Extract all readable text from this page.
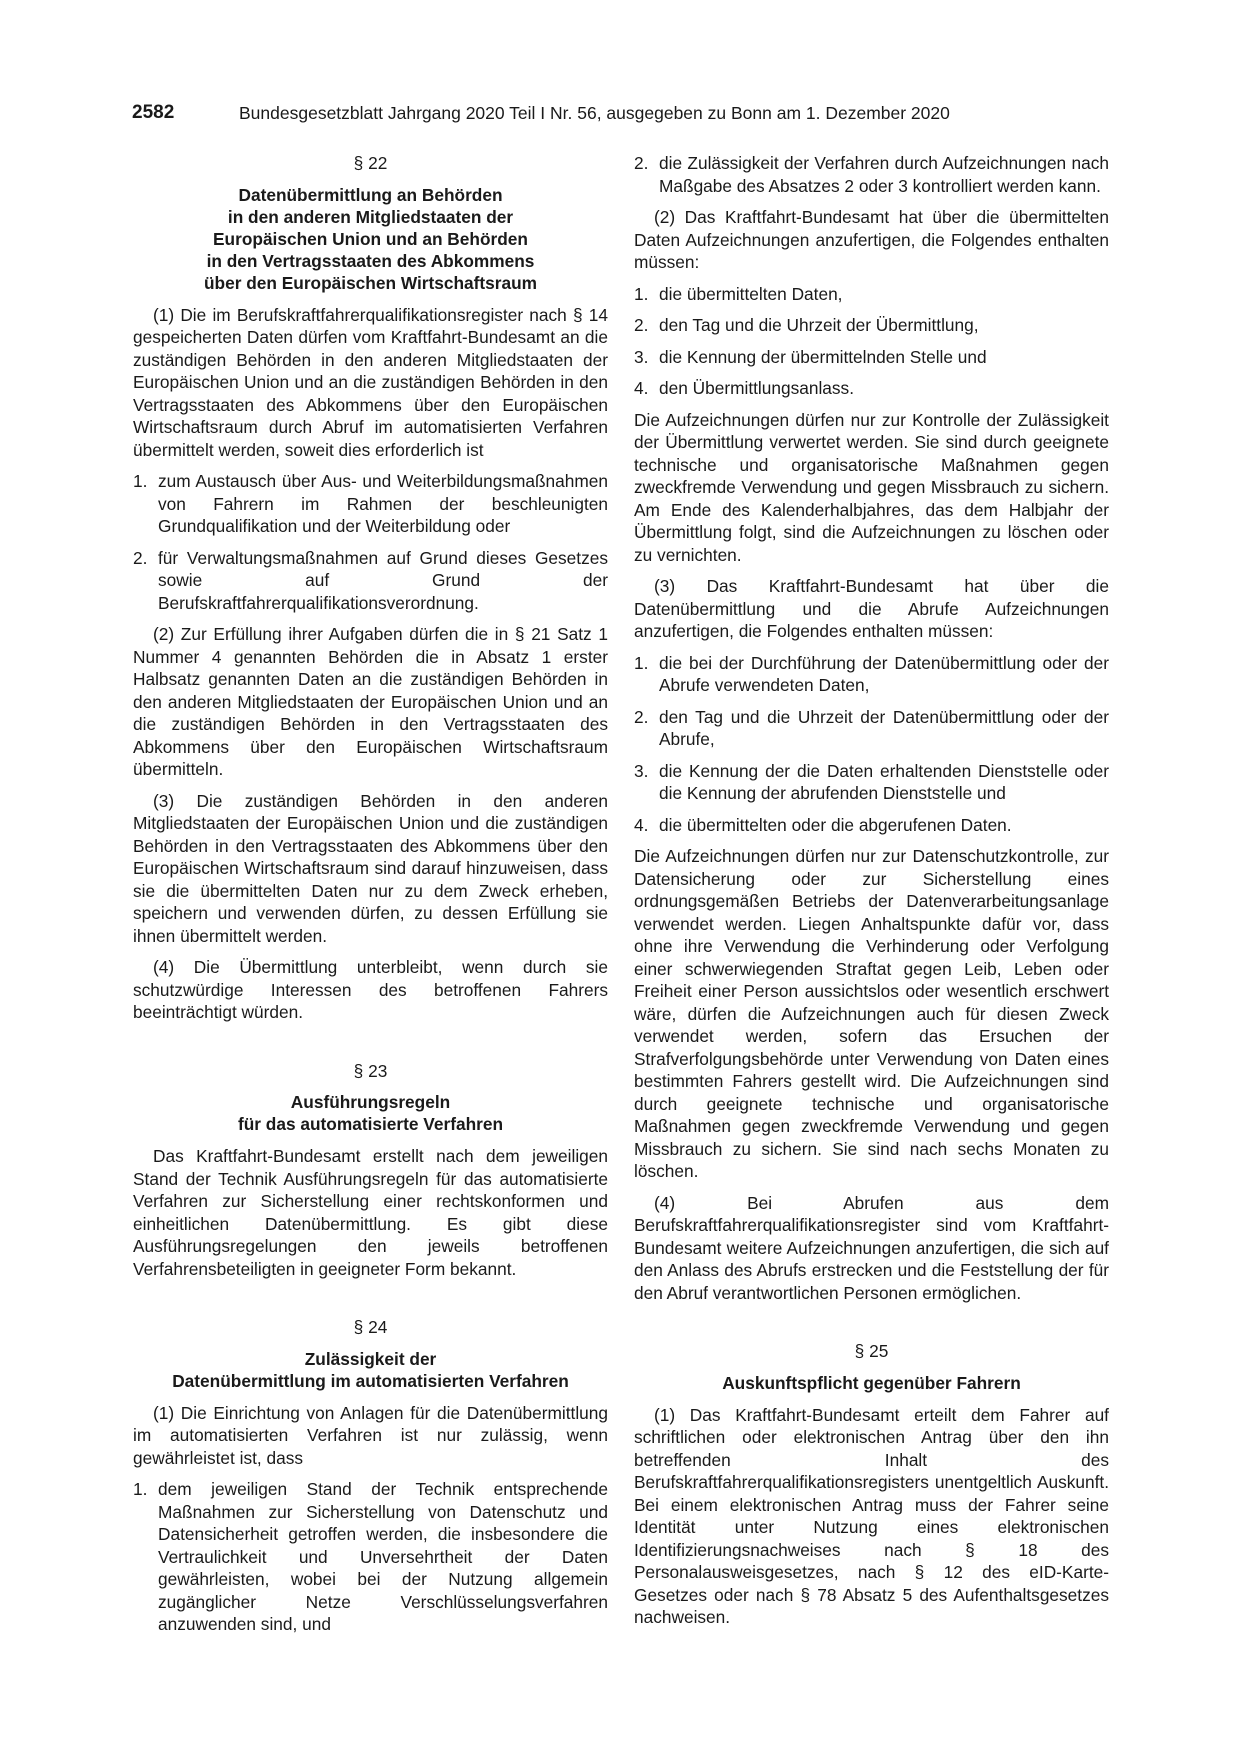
2582	Bundesgesetzblatt Jahrgang 2020 Teil I Nr. 56, ausgegeben zu Bonn am 1. Dezember 2020
§ 22
Datenübermittlung an Behörden
in den anderen Mitgliedstaaten der
Europäischen Union und an Behörden
in den Vertragsstaaten des Abkommens
über den Europäischen Wirtschaftsraum

(1) Die im Berufskraftfahrerqualifikationsregister nach § 14 gespeicherten Daten dürfen vom Kraftfahrt-Bundesamt an die zuständigen Behörden in den anderen Mitgliedstaaten der Europäischen Union und an die zuständigen Behörden in den Vertragsstaaten des Abkommens über den Europäischen Wirtschaftsraum durch Abruf im automatisierten Verfahren übermittelt werden, soweit dies erforderlich ist

1. zum Austausch über Aus- und Weiterbildungsmaßnahmen von Fahrern im Rahmen der beschleunigten Grundqualifikation und der Weiterbildung oder
2. für Verwaltungsmaßnahmen auf Grund dieses Gesetzes sowie auf Grund der Berufskraftfahrerqualifikationsverordnung.

(2) Zur Erfüllung ihrer Aufgaben dürfen die in § 21 Satz 1 Nummer 4 genannten Behörden die in Absatz 1 erster Halbsatz genannten Daten an die zuständigen Behörden in den anderen Mitgliedstaaten der Europäischen Union und an die zuständigen Behörden in den Vertragsstaaten des Abkommens über den Europäischen Wirtschaftsraum übermitteln.

(3) Die zuständigen Behörden in den anderen Mitgliedstaaten der Europäischen Union und die zuständigen Behörden in den Vertragsstaaten des Abkommens über den Europäischen Wirtschaftsraum sind darauf hinzuweisen, dass sie die übermittelten Daten nur zu dem Zweck erheben, speichern und verwenden dürfen, zu dessen Erfüllung sie ihnen übermittelt werden.

(4) Die Übermittlung unterbleibt, wenn durch sie schutzwürdige Interessen des betroffenen Fahrers beeinträchtigt würden.

§ 23
Ausführungsregeln
für das automatisierte Verfahren

Das Kraftfahrt-Bundesamt erstellt nach dem jeweiligen Stand der Technik Ausführungsregeln für das automatisierte Verfahren zur Sicherstellung einer rechtskonformen und einheitlichen Datenübermittlung. Es gibt diese Ausführungsregelungen den jeweils betroffenen Verfahrensbeteiligten in geeigneter Form bekannt.

§ 24
Zulässigkeit der
Datenübermittlung im automatisierten Verfahren

(1) Die Einrichtung von Anlagen für die Datenübermittlung im automatisierten Verfahren ist nur zulässig, wenn gewährleistet ist, dass

1. dem jeweiligen Stand der Technik entsprechende Maßnahmen zur Sicherstellung von Datenschutz und Datensicherheit getroffen werden, die insbesondere die Vertraulichkeit und Unversehrtheit der Daten gewährleisten, wobei bei der Nutzung allgemein zugänglicher Netze Verschlüsselungsverfahren anzuwenden sind, und
2. die Zulässigkeit der Verfahren durch Aufzeichnungen nach Maßgabe des Absatzes 2 oder 3 kontrolliert werden kann.

(2) Das Kraftfahrt-Bundesamt hat über die übermittelten Daten Aufzeichnungen anzufertigen, die Folgendes enthalten müssen:

1. die übermittelten Daten,
2. den Tag und die Uhrzeit der Übermittlung,
3. die Kennung der übermittelnden Stelle und
4. den Übermittlungsanlass.

Die Aufzeichnungen dürfen nur zur Kontrolle der Zulässigkeit der Übermittlung verwertet werden. Sie sind durch geeignete technische und organisatorische Maßnahmen gegen zweckfremde Verwendung und gegen Missbrauch zu sichern. Am Ende des Kalenderhalbjahres, das dem Halbjahr der Übermittlung folgt, sind die Aufzeichnungen zu löschen oder zu vernichten.

(3) Das Kraftfahrt-Bundesamt hat über die Datenübermittlung und die Abrufe Aufzeichnungen anzufertigen, die Folgendes enthalten müssen:

1. die bei der Durchführung der Datenübermittlung oder der Abrufe verwendeten Daten,
2. den Tag und die Uhrzeit der Datenübermittlung oder der Abrufe,
3. die Kennung der die Daten erhaltenden Dienststelle oder die Kennung der abrufenden Dienststelle und
4. die übermittelten oder die abgerufenen Daten.

Die Aufzeichnungen dürfen nur zur Datenschutzkontrolle, zur Datensicherung oder zur Sicherstellung eines ordnungsgemäßen Betriebs der Datenverarbeitungsanlage verwendet werden. Liegen Anhaltspunkte dafür vor, dass ohne ihre Verwendung die Verhinderung oder Verfolgung einer schwerwiegenden Straftat gegen Leib, Leben oder Freiheit einer Person aussichtslos oder wesentlich erschwert wäre, dürfen die Aufzeichnungen auch für diesen Zweck verwendet werden, sofern das Ersuchen der Strafverfolgungsbehörde unter Verwendung von Daten eines bestimmten Fahrers gestellt wird. Die Aufzeichnungen sind durch geeignete technische und organisatorische Maßnahmen gegen zweckfremde Verwendung und gegen Missbrauch zu sichern. Sie sind nach sechs Monaten zu löschen.

(4) Bei Abrufen aus dem Berufskraftfahrerqualifikationsregister sind vom Kraftfahrt-Bundesamt weitere Aufzeichnungen anzufertigen, die sich auf den Anlass des Abrufs erstrecken und die Feststellung der für den Abruf verantwortlichen Personen ermöglichen.

§ 25
Auskunftspflicht gegenüber Fahrern

(1) Das Kraftfahrt-Bundesamt erteilt dem Fahrer auf schriftlichen oder elektronischen Antrag über den ihn betreffenden Inhalt des Berufskraftfahrerqualifikationsregisters unentgeltlich Auskunft. Bei einem elektronischen Antrag muss der Fahrer seine Identität unter Nutzung eines elektronischen Identifizierungsnachweises nach § 18 des Personalausweisgesetzes, nach § 12 des eID-Karte-Gesetzes oder nach § 78 Absatz 5 des Aufenthaltsgesetzes nachweisen.
